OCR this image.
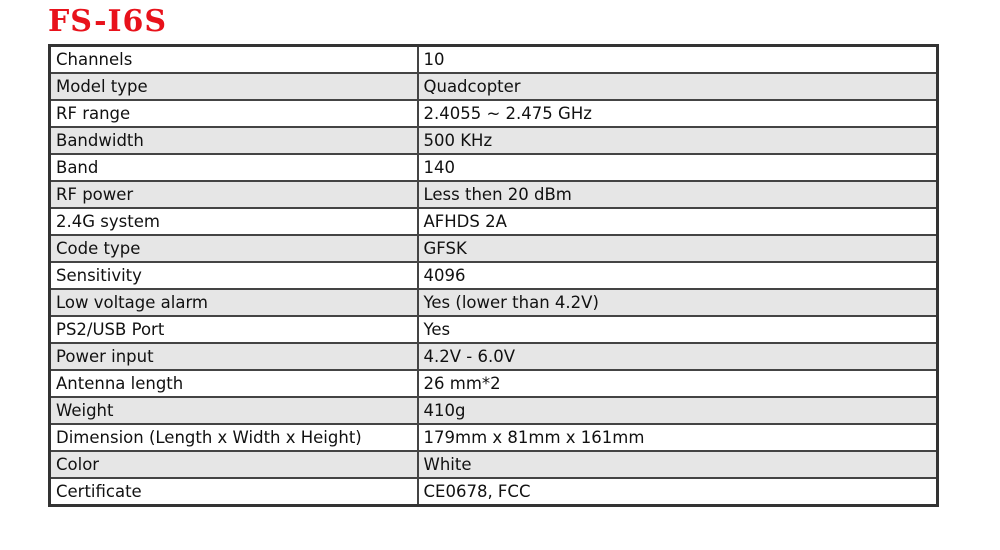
FS-I6S
Channels	10
Model type	Quadcopter
RF range	2.4055 ~ 2.475 GHz
Bandwidth	500 KHz
Band	140
RF power	Less then 20 dBm
2.4G system	AFHDS 2A
Code type	GFSK
Sensitivity	4096
Low voltage alarm	Yes (lower than 4.2V)
PS2/USB Port	Yes
Power input	4.2V - 6.0V
Antenna length	26 mm*2
Weight	410g
Dimension (Length x Width x Height)	179mm x 81mm x 161mm
Color	White
Certificate	CE0678, FCC
